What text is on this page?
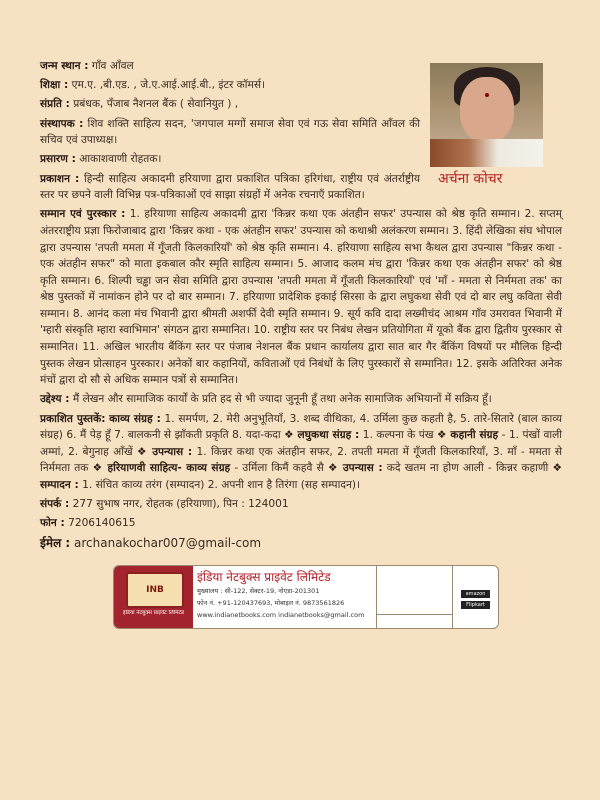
अर्चना कोचर

जन्म स्थान : गाँव आँवल

शिक्षा : एम.ए. ,बी.एड. , जे.ए.आई.आई.बी., इंटर कॉमर्स।

संप्रति : प्रबंधक, पँजाब नैशनल बैंक ( सेवानियुत ) ,

संस्थापक : शिव शक्ति साहित्य सदन, 'जगपाल मग्गों समाज सेवा एवं गऊ सेवा समिति आँवल की सचिव एवं उपाध्यक्ष।

प्रसारण : आकाशवाणी रोहतक।

प्रकाशन : हिन्दी साहित्य अकादमी हरियाणा द्वारा प्रकाशित पत्रिका हरिगंधा, राष्ट्रीय एवं अंतर्राष्ट्रीय स्तर पर छपने वाली विभिन्न पत्र-पत्रिकाओं एवं साझा संग्रहों में अनेक रचनाएँ प्रकाशित।

सम्मान एवं पुरस्कार : 1. हरियाणा साहित्य अकादमी द्वारा 'किन्नर कथा एक अंतहीन सफर' उपन्यास को श्रेष्ठ कृति सम्मान। 2. सप्तम् अंतरराष्ट्रीय प्रज्ञा फिरोजाबाद द्वारा 'किन्नर कथा - एक अंतहीन सफर' उपन्यास को कथाश्री अलंकरण सम्मान। 3. हिंदी लेखिका संघ भोपाल द्वारा उपन्यास 'तपती ममता में गूँजती किलकारियाँ' को श्रेष्ठ कृति सम्मान। 4. हरियाणा साहित्य सभा कैथल द्वारा उपन्यास "किन्नर कथा - एक अंतहीन सफर" को माता इकबाल कौर स्मृति साहित्य सम्मान। 5. आजाद कलम मंच द्वारा 'किन्नर कथा एक अंतहीन सफर' को श्रेष्ठ कृति सम्मान। 6. शिल्पी चड्ढा जन सेवा समिति द्वारा उपन्यास 'तपती ममता में गूँजती किलकारियाँ' एवं 'माँ - ममता से निर्ममता तक' का श्रेष्ठ पुस्तकों में नामांकन होने पर दो बार सम्मान। 7. हरियाणा प्रादेशिक इकाई सिरसा के द्वारा लघुकथा सेवी एवं दो बार लघु कविता सेवी सम्मान। 8. आनंद कला मंच भिवानी द्वारा श्रीमती अशर्फी देवी स्मृति सम्मान। 9. सूर्य कवि दादा लख्मीचंद आश्रम गाँव उमरावत भिवानी में 'म्हारी संस्कृति म्हारा स्वाभिमान' संगठन द्वारा सम्मानित। 10. राष्ट्रीय स्तर पर निबंध लेखन प्रतियोगिता में यूको बैंक द्वारा द्वितीय पुरस्कार से सम्मानित। 11. अखिल भारतीय बैंकिंग स्तर पर पंजाब नेशनल बैंक प्रधान कार्यालय द्वारा सात बार गैर बैंकिंग विषयों पर मौलिक हिन्दी पुस्तक लेखन प्रोत्साहन पुरस्कार। अनेकों बार कहानियों, कविताओं एवं निबंधों के लिए पुरस्कारों से सम्मानित। 12. इसके अतिरिक्त अनेक मंचों द्वारा दो सौ से अधिक सम्मान पत्रों से सम्मानित।

उद्देश्य : मैं लेखन और सामाजिक कार्यों के प्रति हद से भी ज्यादा जुनूनी हूँ तथा अनेक सामाजिक अभियानों में सक्रिय हूँ।

प्रकाशित पुस्तकें: काव्य संग्रह : 1. समर्पण, 2. मेरी अनुभूतियाँ, 3. शब्द वीथिका, 4. उर्मिला कुछ कहती है, 5. तारे-सितारे (बाल काव्य संग्रह) 6. मैं पेड़ हूँ 7. बालकनी से झाँकती प्रकृति 8. यदा-कदा ❖ लघुकथा संग्रह : 1. कल्पना के पंख ❖ कहानी संग्रह - 1. पंखों वाली अम्मां, 2. बेगुनाह आँखें ❖ उपन्यास : 1. किन्नर कथा एक अंतहीन सफर, 2. तपती ममता में गूँजती किलकारियाँ, 3. माँ - ममता से निर्ममता तक ❖ हरियाणवी साहित्य- काव्य संग्रह - उर्मिला किमैं कहवै सै ❖ उपन्यास : कदे खतम ना होण आली - किन्नर कहाणी ❖ सम्पादन : 1. संचित काव्य तरंग (सम्पादन) 2. अपनी शान है तिरंगा (सह सम्पादन)।

संपर्क : 277 सुभाष नगर, रोहतक (हरियाणा), पिन : 124001

फोन : 7206140615

ईमेल : archanakochar007@gmail-com

INB
इंडिया नेटबुक्स प्राइवेट लिमिटेड
इंडिया नेटबुक्स प्राइवेट लिमिटेड
मुख्यालय : सी-122, सेक्टर-19, नोएडा-201301
फोन नं. +91-120437693, मोबाइल नं. 9873561826
www.indianetbooks.com indianetbooks@gmail.com
amazon
Flipkart
